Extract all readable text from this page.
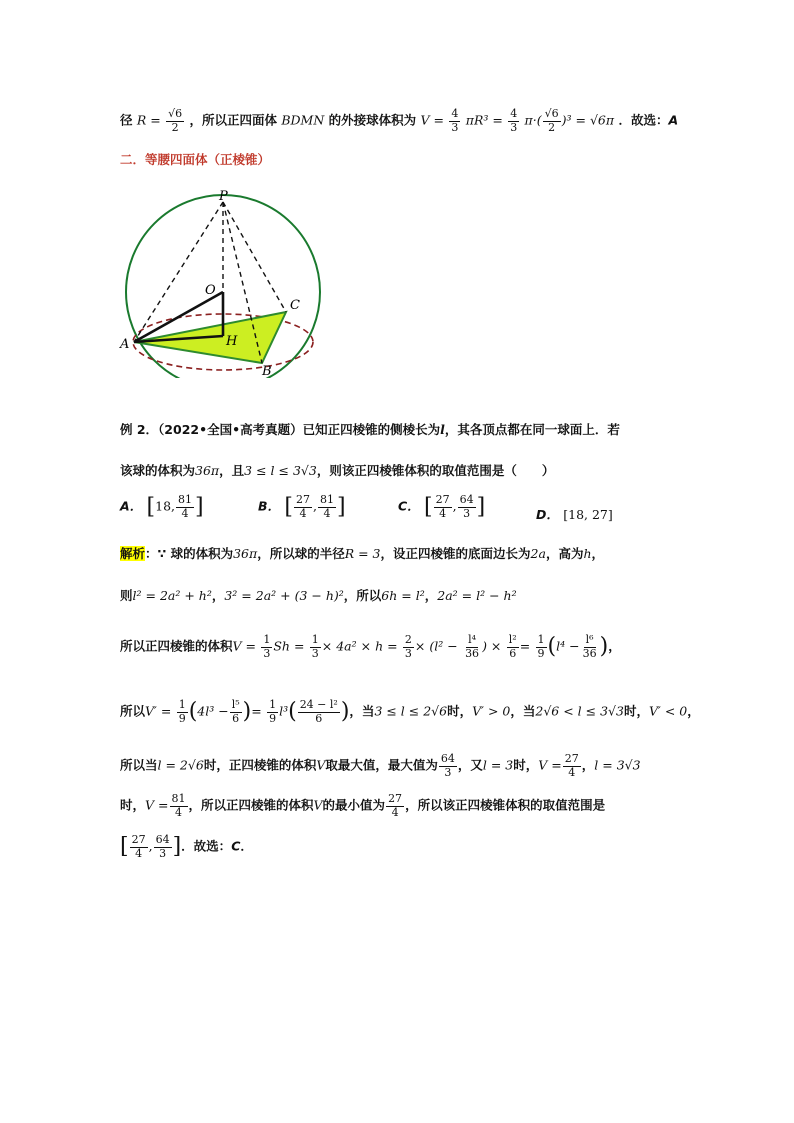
径 $R = \frac{√6}{2}$ ，所以正四面体 BDMN 的外接球体积为 $V = \frac{4}{3} \pi R^3 = \frac{4}{3} \pi\cdot( \frac{√6}{2} )^3 = √6\pi$ ．故选：A
二．等腰四面体（正棱锥）
P
O
C
A	H
B
例 2．（2022•全国•高考真题）已知正四棱锥的侧棱长为l，其各顶点都在同一球面上．若
该球的体积为36π，且3 ≤ l ≤ 3√3，则该正四棱锥体积的取值范围是（　　）
A． [18, $\frac{81}{4}$ ]	B． [ $\frac{27}{4}$ , $\frac{81}{4}$ ]	C． [ $\frac{27}{4}$ , $\frac{64}{3}$ ]	D． [18, 27]
解析：∵ 球的体积为36π，所以球的半径R = 3，设正四棱锥的底面边长为2a，高为h，
则l² = 2a² + h²，3² = 2a² + (3 − h)²，所以6h = l²，2a² = l² − h²
所以正四棱锥的体积$V = \frac{1}{3}$ $Sh = \frac{1}{3} \times 4a^2 \times h = \frac{2}{3} \times (l^2 - \frac{\text{l⁴}}{36}$ ) × $\frac{\text{l²}}{6} = \frac{1}{9} (l^4 - \frac{\text{l⁶}}{36}$ )，
所以$V' = \frac{1}{9} (4l^3 - \frac{\text{l⁵}}{6}$ )= $\frac{1}{9} l^3( \frac{\text{24 − l²}}{6}$ )，当3 ≤ l ≤ 2√6时，V′ > 0，当2√6 < l ≤ 3√3时，V′ < 0，
所以当l = 2√6时，正四棱锥的体积V取最大值，最大值为 $\frac{64}{3}$ ，又l = 3时，$V = \frac{27}{4}$ ，l = 3√3
时，$V = \frac{81}{4}$ ，所以正四棱锥的体积V的最小值为 $\frac{27}{4}$ ，所以该正四棱锥体积的取值范围是
[ $\frac{27}{4}$ , $\frac{64}{3}$ ]．故选：C．
